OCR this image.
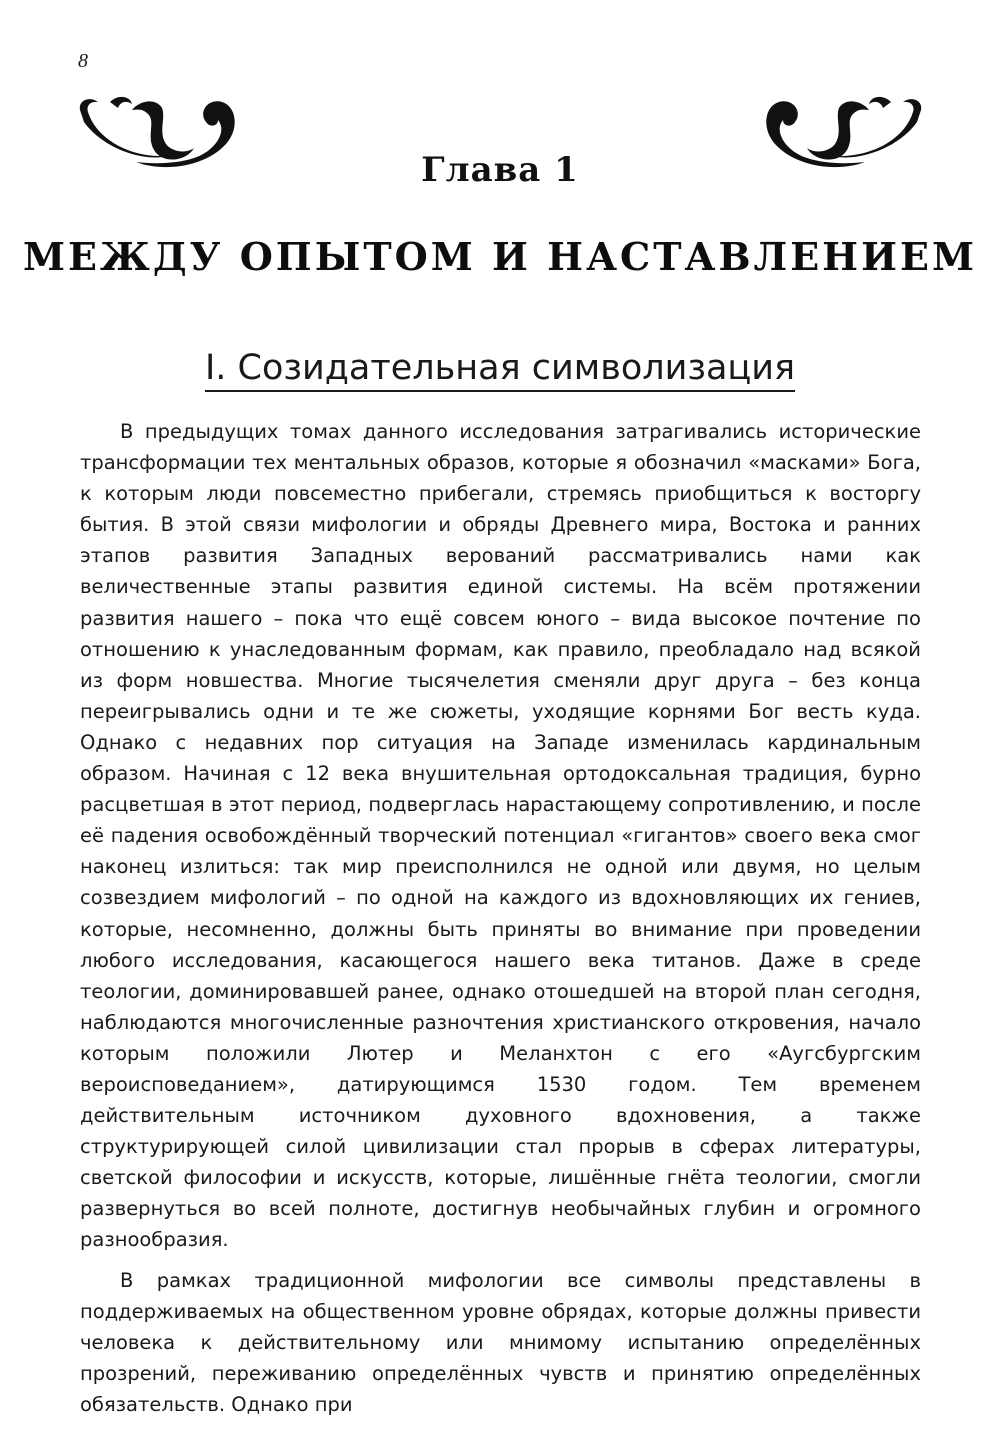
8
Глава 1
МЕЖДУ ОПЫТОМ И НАСТАВЛЕНИЕМ
I. Созидательная символизация

В предыдущих томах данного исследования затрагивались исторические трансформации тех ментальных образов, которые я обозначил «масками» Бога, к которым люди повсеместно прибегали, стремясь приобщиться к восторгу бытия. В этой связи мифологии и обряды Древнего мира, Востока и ранних этапов развития Западных верований рассматривались нами как величественные этапы развития единой системы. На всём протяжении развития нашего – пока что ещё совсем юного – вида высокое почтение по отношению к унаследованным формам, как правило, преобладало над всякой из форм новшества. Многие тысячелетия сменяли друг друга – без конца переигрывались одни и те же сюжеты, уходящие корнями Бог весть куда. Однако с недавних пор ситуация на Западе изменилась кардинальным образом. Начиная с 12 века внушительная ортодоксальная традиция, бурно расцветшая в этот период, подверглась нарастающему сопротивлению, и после её падения освобождённый творческий потенциал «гигантов» своего века смог наконец излиться: так мир преисполнился не одной или двумя, но целым созвездием мифологий – по одной на каждого из вдохновляющих их гениев, которые, несомненно, должны быть приняты во внимание при проведении любого исследования, касающегося нашего века титанов. Даже в среде теологии, доминировавшей ранее, однако отошедшей на второй план сегодня, наблюдаются многочисленные разночтения христианского откровения, начало которым положили Лютер и Меланхтон с его «Аугсбургским вероисповеданием», датирующимся 1530 годом. Тем временем действительным источником духовного вдохновения, а также структурирующей силой цивилизации стал прорыв в сферах литературы, светской философии и искусств, которые, лишённые гнёта теологии, смогли развернуться во всей полноте, достигнув необычайных глубин и огромного разнообразия.

В рамках традиционной мифологии все символы представлены в поддерживаемых на общественном уровне обрядах, которые должны привести человека к действительному или мнимому испытанию определённых прозрений, переживанию определённых чувств и принятию определённых обязательств. Однако при
